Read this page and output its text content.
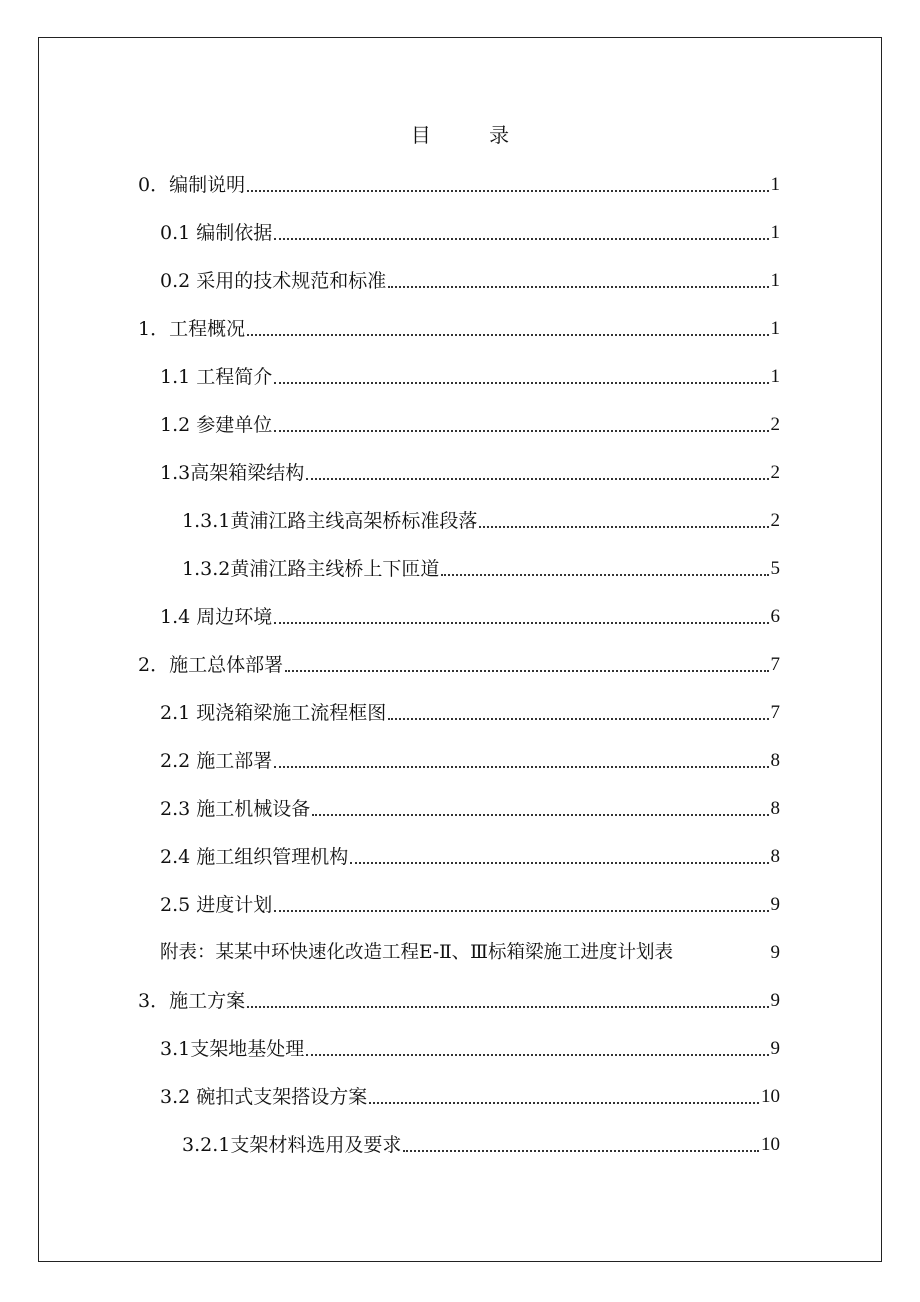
目 录
0．编制说明	1
0.1 编制依据	1
0.2 采用的技术规范和标准	1
1．工程概况	1
1.1 工程简介	1
1.2 参建单位	2
1.3高架箱梁结构	2
1.3.1黄浦江路主线高架桥标准段落	2
1.3.2黄浦江路主线桥上下匝道	5
1.4 周边环境	6
2．施工总体部署	7
2.1 现浇箱梁施工流程框图	7
2.2 施工部署	8
2.3 施工机械设备	8
2.4 施工组织管理机构	8
2.5 进度计划	9
附表：某某中环快速化改造工程E-Ⅱ、Ⅲ标箱梁施工进度计划表	9
3．施工方案	9
3.1支架地基处理	9
3.2 碗扣式支架搭设方案	10
3.2.1支架材料选用及要求	10
